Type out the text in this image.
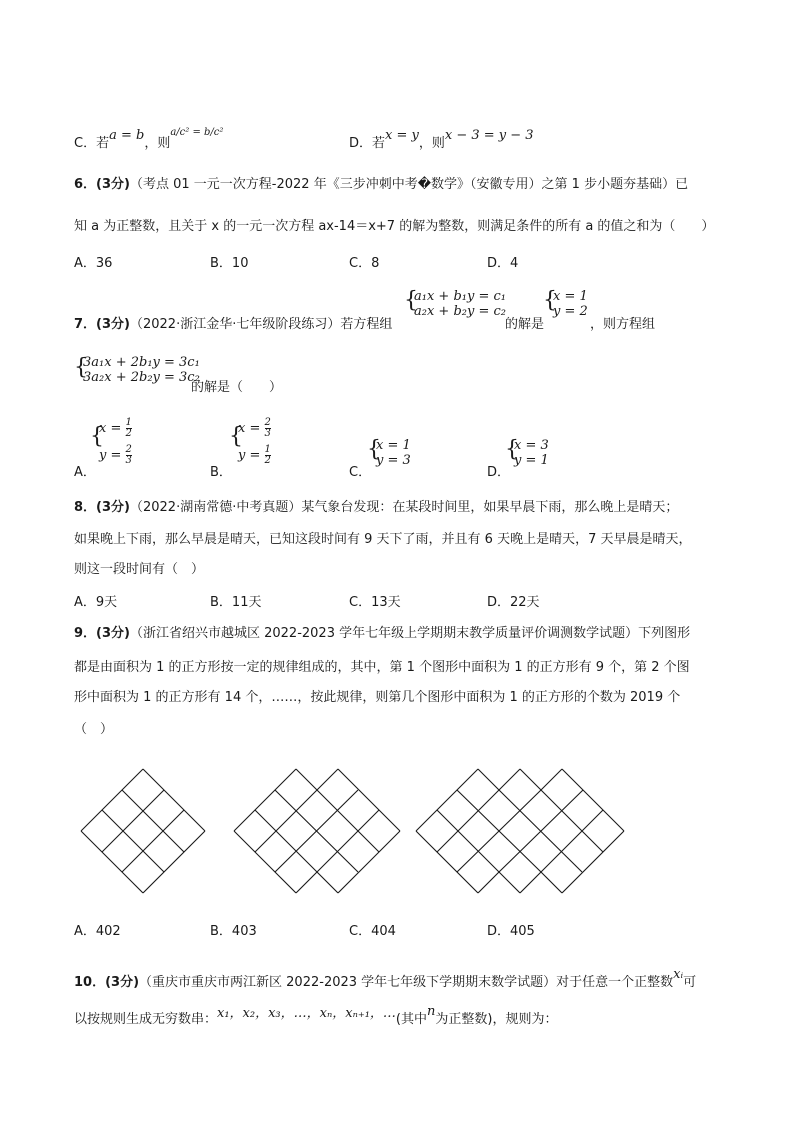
C．若a = b，则$^{a/c^2 = b/c^2}$
D．若x = y，则x − 3 = y − 3
6．(3分)（考点 01 一元一次方程-2022 年《三步冲刺中考�数学》（安徽专用）之第 1 步小题夯基础）已
知 a 为正整数，且关于 x 的一元一次方程 ax-14＝x+7 的解为整数，则满足条件的所有 a 的值之和为（　　）
A．36	B．10	C．8	D．4
7．(3分)（2022·浙江金华·七年级阶段练习）若方程组
{
a₁x + b₁y = c₁
a₂x + b₂y = c₂
的解是
{
x = 1
y = 2
，则方程组
{
3a₁x + 2b₁y = 3c₁
3a₂x + 2b₂y = 3c₂
的解是（　　）
A．
{
$x = \frac{1}{2}$
$y = \frac{2}{3}$
B．
{
$x = \frac{2}{3}$
$y = \frac{1}{2}$
C．
{
x = 1
y = 3
D．
{
x = 3
y = 1
8．(3分)（2022·湖南常德·中考真题）某气象台发现：在某段时间里，如果早晨下雨，那么晚上是晴天；
如果晚上下雨，那么早晨是晴天，已知这段时间有 9 天下了雨，并且有 6 天晚上是晴天，7 天早晨是晴天，
则这一段时间有（　）
A．9天	B．11天	C．13天	D．22天
9．(3分)（浙江省绍兴市越城区 2022-2023 学年七年级上学期期末教学质量评价调测数学试题）下列图形
都是由面积为 1 的正方形按一定的规律组成的，其中，第 1 个图形中面积为 1 的正方形有 9 个，第 2 个图
形中面积为 1 的正方形有 14 个，……，按此规律，则第几个图形中面积为 1 的正方形的个数为 2019 个
（　）
A．402	B．403	C．404	D．405
10．(3分)（重庆市重庆市两江新区 2022-2023 学年七年级下学期期末数学试题）对于任意一个正整数xᵢ可
以按规则生成无穷数串：x₁，x₂，x₃，…，xₙ，xₙ₊₁，…(其中n为正整数)，规则为：
